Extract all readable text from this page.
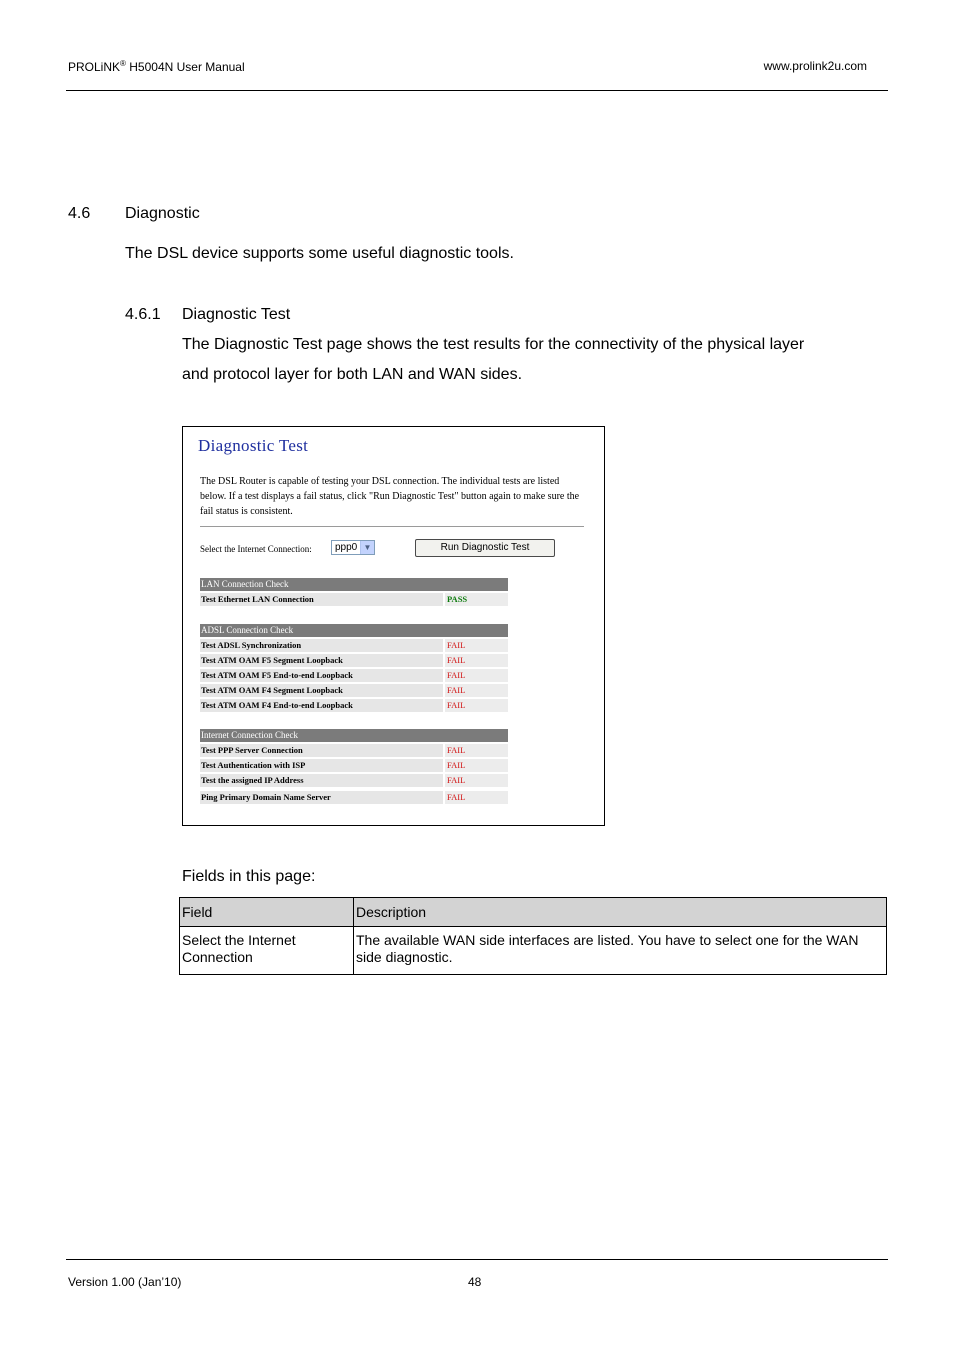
PROLiNK® H5004N User Manual	www.prolink2u.com
4.6 Diagnostic
The DSL device supports some useful diagnostic tools.
4.6.1 Diagnostic Test
The Diagnostic Test page shows the test results for the connectivity of the physical layer
and protocol layer for both LAN and WAN sides.
Diagnostic Test
The DSL Router is capable of testing your DSL connection. The individual tests are listed below. If a test displays a fail status, click "Run Diagnostic Test" button again to make sure the fail status is consistent.
Select the Internet Connection: ppp0 ▼	Run Diagnostic Test
LAN Connection Check
Test Ethernet LAN Connection	PASS
ADSL Connection Check
Test ADSL Synchronization	FAIL
Test ATM OAM F5 Segment Loopback	FAIL
Test ATM OAM F5 End-to-end Loopback	FAIL
Test ATM OAM F4 Segment Loopback	FAIL
Test ATM OAM F4 End-to-end Loopback	FAIL
Internet Connection Check
Test PPP Server Connection	FAIL
Test Authentication with ISP	FAIL
Test the assigned IP Address	FAIL
Ping Primary Domain Name Server	FAIL
Fields in this page:
Field	Description
Select the Internet Connection	The available WAN side interfaces are listed. You have to select one for the WAN side diagnostic.
Version 1.00 (Jan’10)	48
